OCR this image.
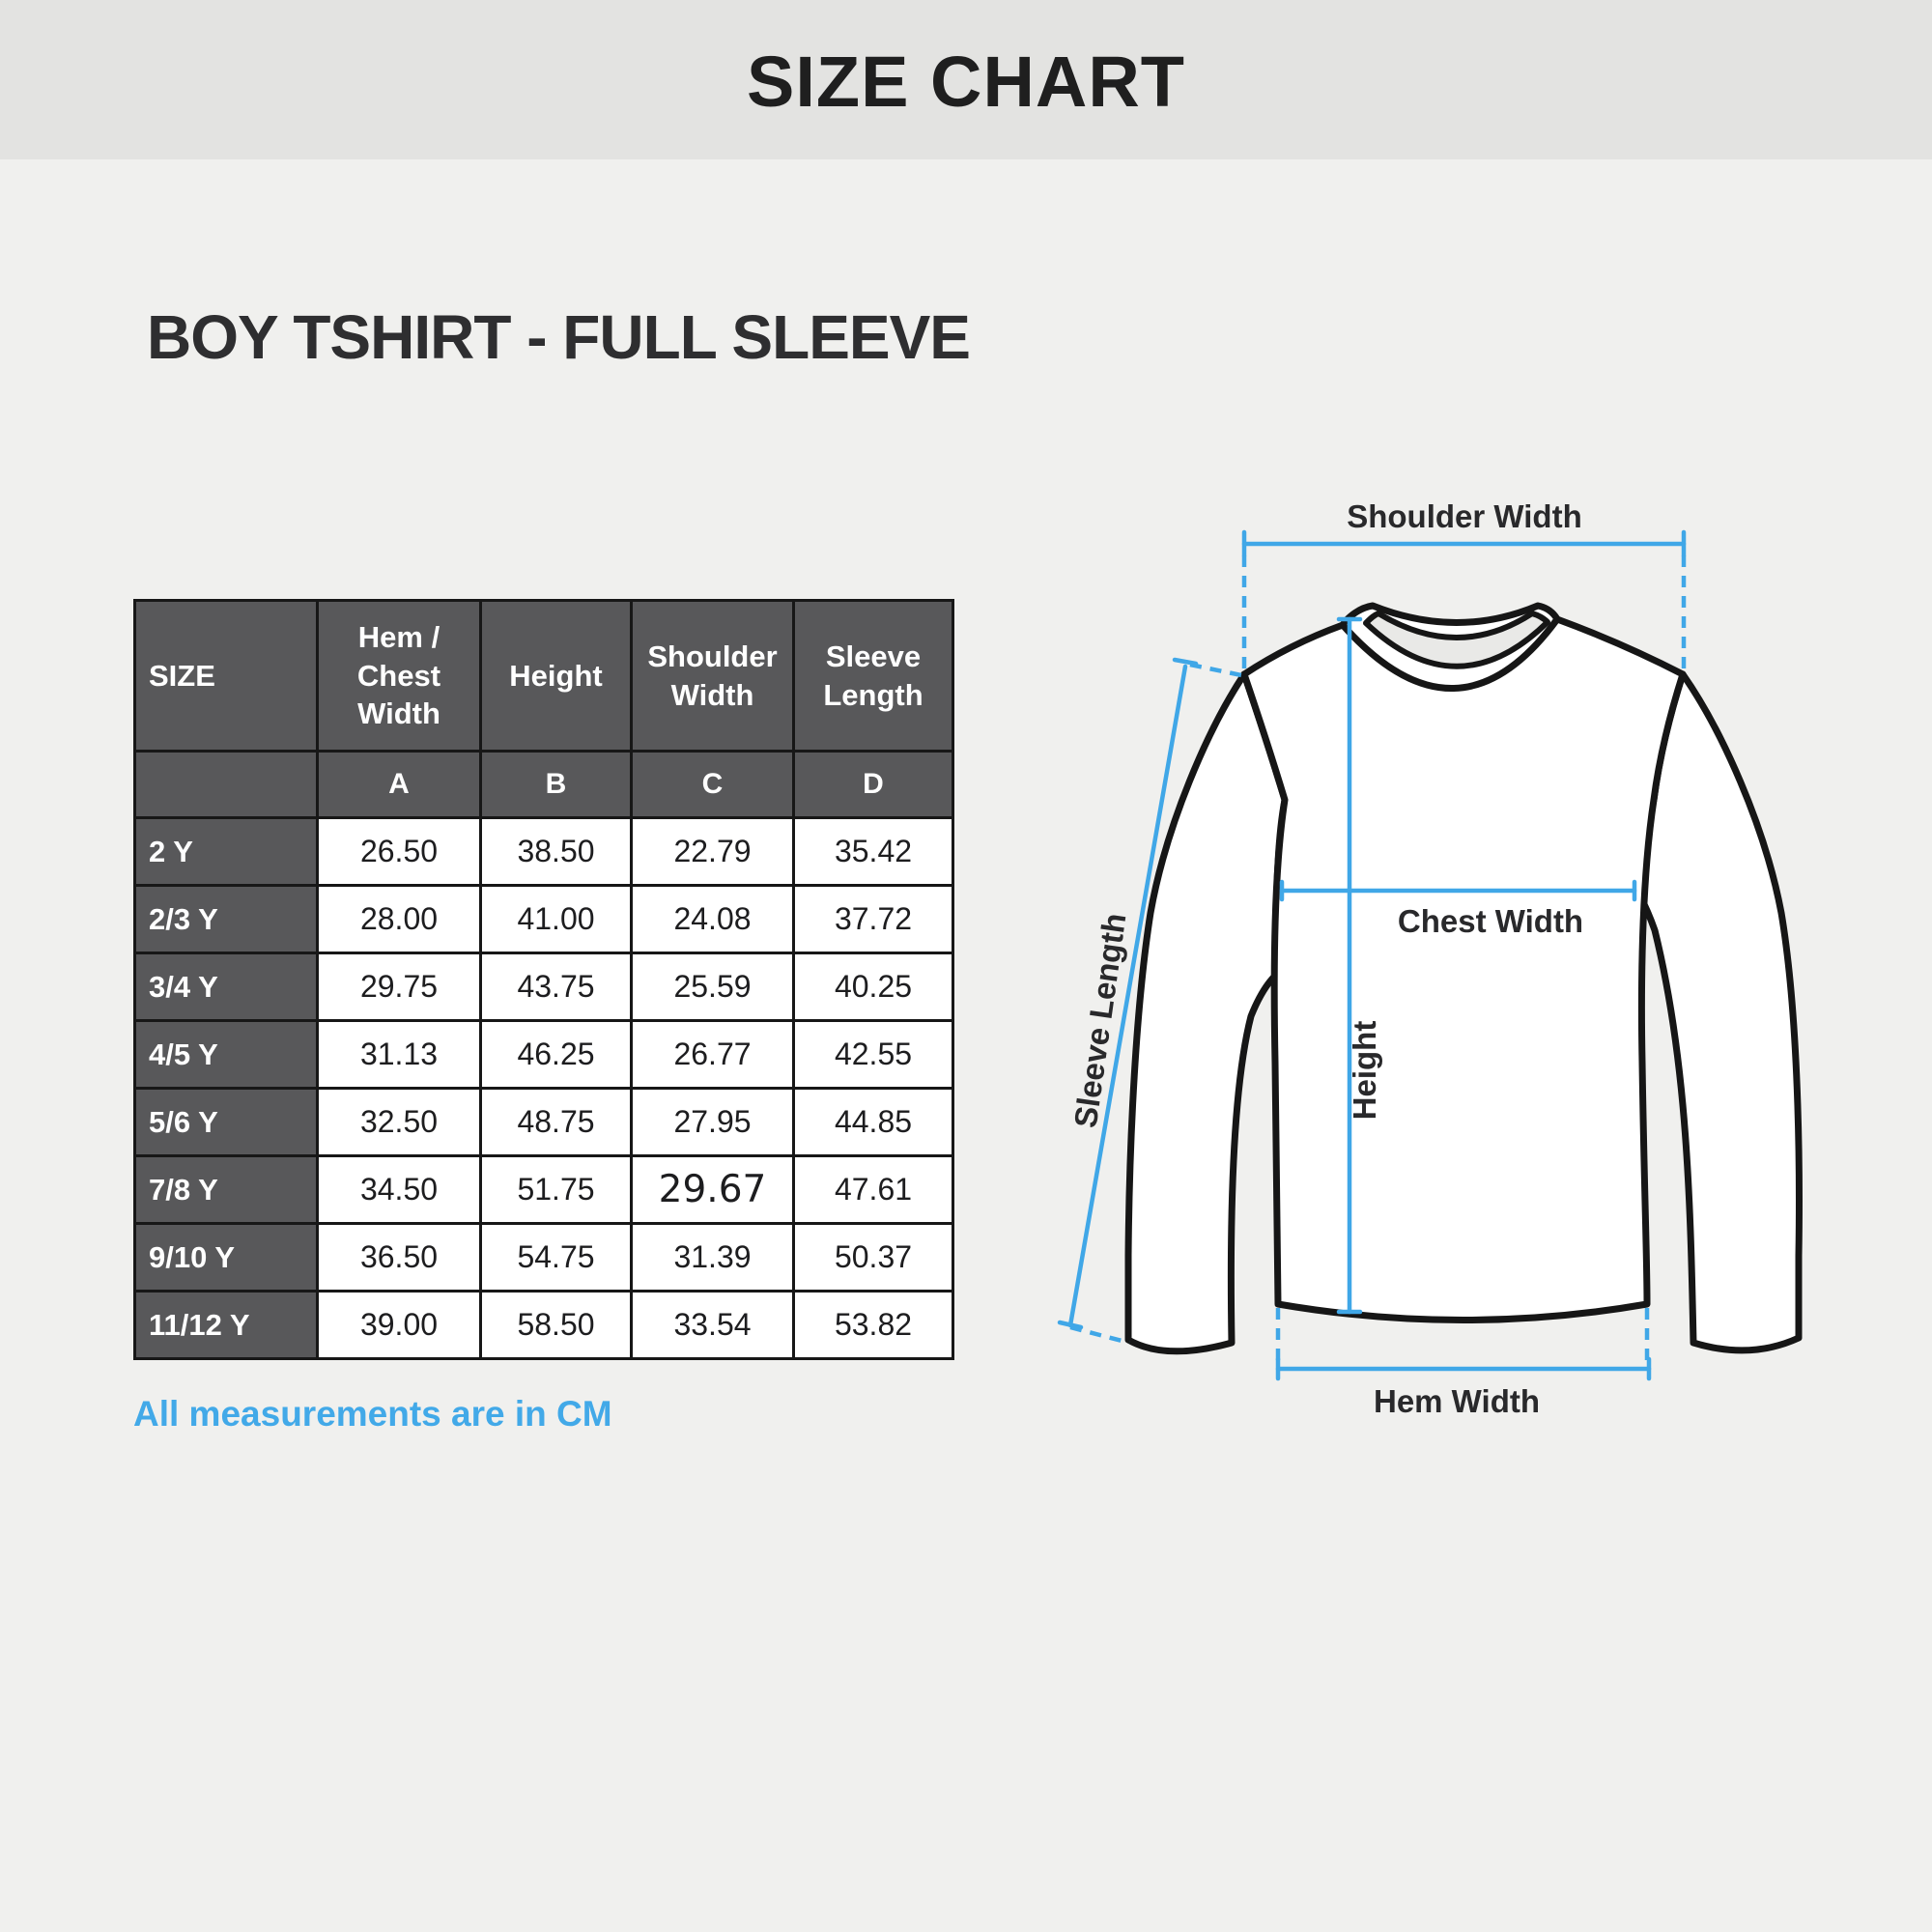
SIZE CHART
BOY TSHIRT - FULL SLEEVE
SIZE	Hem / Chest Width	Height	Shoulder Width	Sleeve Length
	A	B	C	D
2 Y	26.50	38.50	22.79	35.42
2/3 Y	28.00	41.00	24.08	37.72
3/4 Y	29.75	43.75	25.59	40.25
4/5 Y	31.13	46.25	26.77	42.55
5/6 Y	32.50	48.75	27.95	44.85
7/8 Y	34.50	51.75	29.67	47.61
9/10 Y	36.50	54.75	31.39	50.37
11/12 Y	39.00	58.50	33.54	53.82
All measurements are in CM
Shoulder Width
Sleeve Length	Chest Width
Height
Hem Width
